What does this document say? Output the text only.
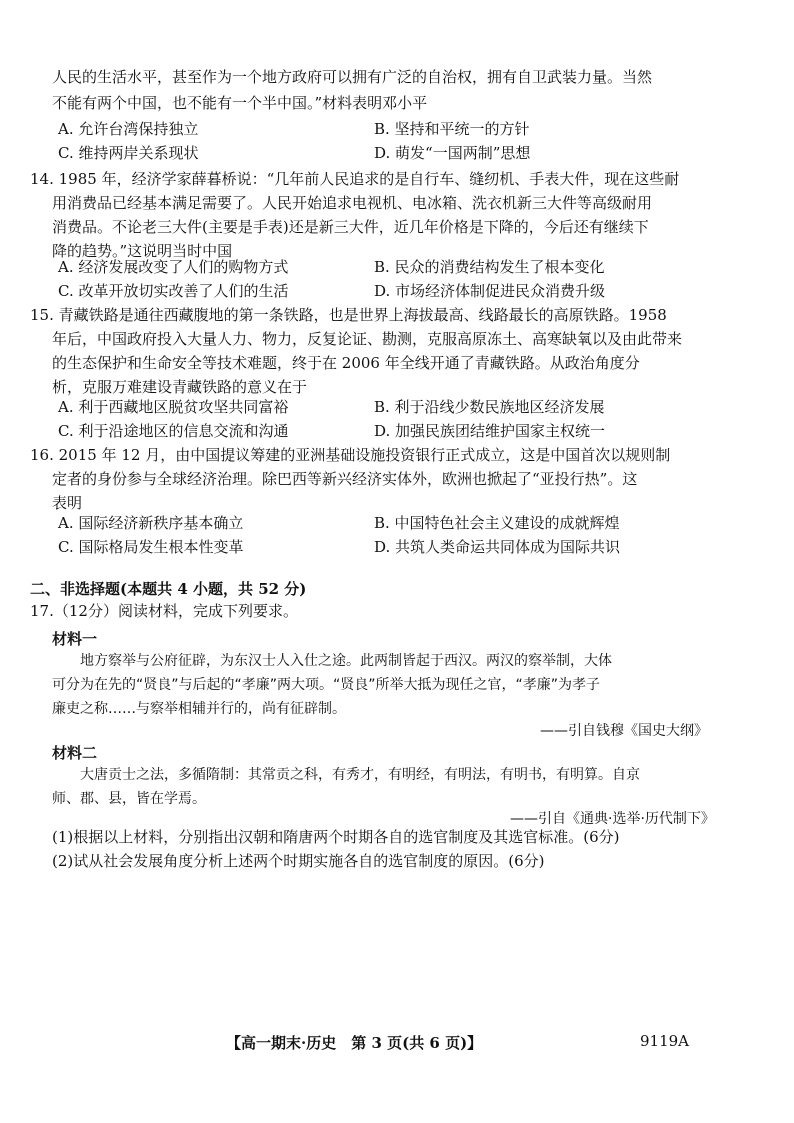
人民的生活水平，甚至作为一个地方政府可以拥有广泛的自治权，拥有自卫武装力量。当然
不能有两个中国，也不能有一个半中国。”材料表明邓小平
A. 允许台湾保持独立	B. 坚持和平统一的方针
C. 维持两岸关系现状	D. 萌发“一国两制”思想
14. 1985 年，经济学家薛暮桥说：“几年前人民追求的是自行车、缝纫机、手表大件，现在这些耐
用消费品已经基本满足需要了。人民开始追求电视机、电冰箱、洗衣机新三大件等高级耐用
消费品。不论老三大件(主要是手表)还是新三大件，近几年价格是下降的，今后还有继续下
降的趋势。”这说明当时中国
A. 经济发展改变了人们的购物方式	B. 民众的消费结构发生了根本变化
C. 改革开放切实改善了人们的生活	D. 市场经济体制促进民众消费升级
15. 青藏铁路是通往西藏腹地的第一条铁路，也是世界上海拔最高、线路最长的高原铁路。1958
年后，中国政府投入大量人力、物力，反复论证、勘测，克服高原冻土、高寒缺氧以及由此带来
的生态保护和生命安全等技术难题，终于在 2006 年全线开通了青藏铁路。从政治角度分
析，克服万难建设青藏铁路的意义在于
A. 利于西藏地区脱贫攻坚共同富裕	B. 利于沿线少数民族地区经济发展
C. 利于沿途地区的信息交流和沟通	D. 加强民族团结维护国家主权统一
16. 2015 年 12 月，由中国提议筹建的亚洲基础设施投资银行正式成立，这是中国首次以规则制
定者的身份参与全球经济治理。除巴西等新兴经济实体外，欧洲也掀起了“亚投行热”。这
表明
A. 国际经济新秩序基本确立	B. 中国特色社会主义建设的成就辉煌
C. 国际格局发生根本性变革	D. 共筑人类命运共同体成为国际共识
二、非选择题(本题共 4 小题，共 52 分)
17.（12分）阅读材料，完成下列要求。
材料一
地方察举与公府征辟，为东汉士人入仕之途。此两制皆起于西汉。两汉的察举制，大体
可分为在先的“贤良”与后起的“孝廉”两大项。“贤良”所举大抵为现任之官，“孝廉”为孝子
廉吏之称……与察举相辅并行的，尚有征辟制。
——引自钱穆《国史大纲》
材料二
大唐贡士之法，多循隋制：其常贡之科，有秀才，有明经，有明法，有明书，有明算。自京
师、郡、县，皆在学焉。
——引自《通典·选举·历代制下》
(1)根据以上材料，分别指出汉朝和隋唐两个时期各自的选官制度及其选官标准。(6分)
(2)试从社会发展角度分析上述两个时期实施各自的选官制度的原因。(6分)
【高一期末·历史　第 3 页(共 6 页)】	9119A
